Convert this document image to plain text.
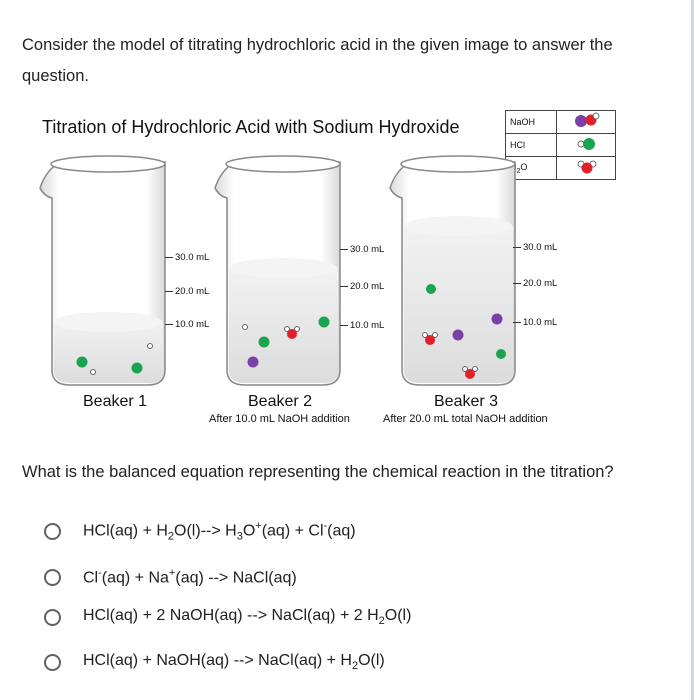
Consider the model of titrating hydrochloric acid in the given image to answer the question.
Titration of Hydrochloric Acid with Sodium Hydroxide	NaOH	
HCl	
$_2$O	
30.0 mL
20.0 mL
10.0 mL
30.0 mL
20.0 mL
10.0 mL
30.0 mL
20.0 mL
10.0 mL
Beaker 1	Beaker 2
After 10.0 mL NaOH addition
Beaker 3
After 20.0 mL total NaOH addition
What is the balanced equation representing the chemical reaction in the titration?
$HCl(aq) + H_2O(l)--> H_3O^+(aq) + Cl^-(aq)$
Cl-(aq) + Na+(aq) --> NaCl(aq)
HCl(aq) + 2 NaOH(aq) --> NaCl(aq) + 2 $H_2O(l)$
HCl(aq) + NaOH(aq) --> NaCl(aq) + $H_2O(l)$
